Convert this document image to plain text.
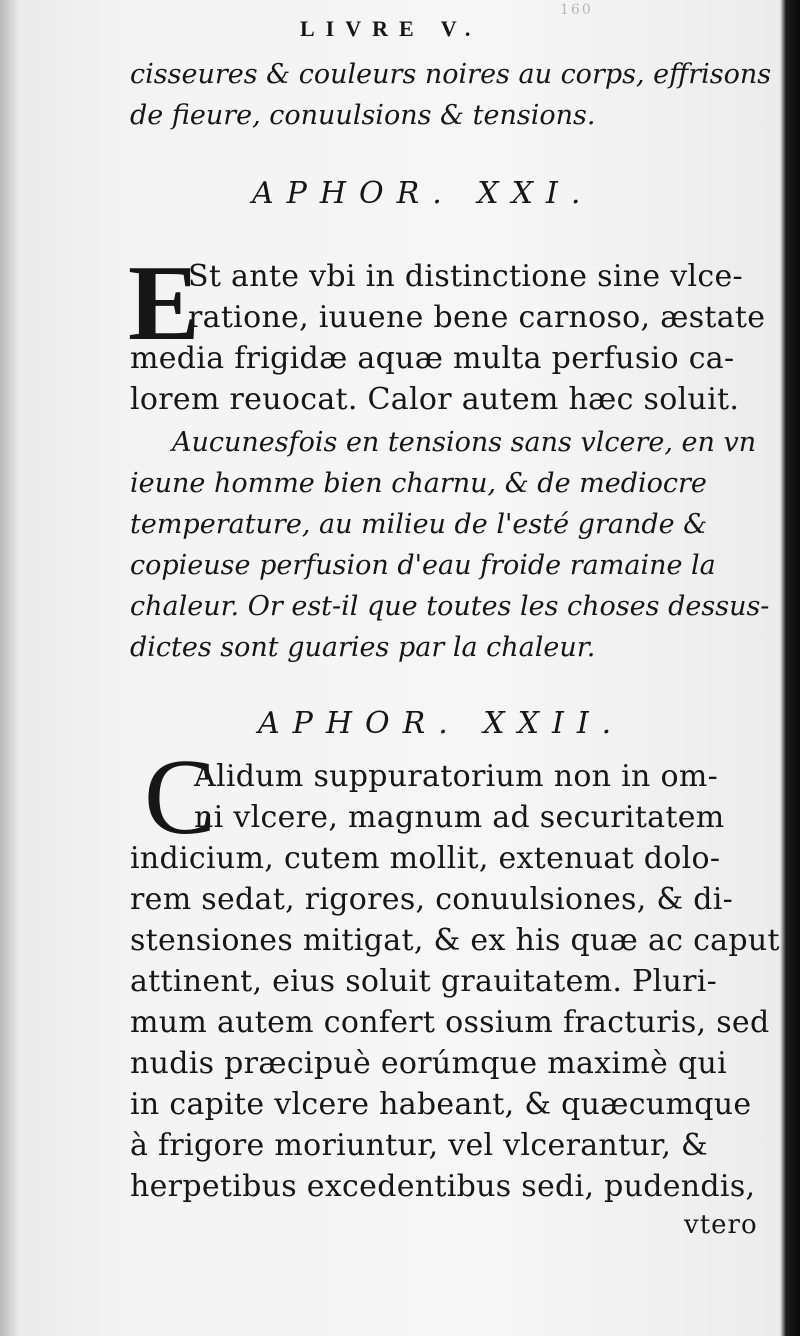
160
LIVRE V.
cisseures & couleurs noires au corps, effrisons
de fieure, conuulsions & tensions.
APHOR. XXI.
E
St ante vbi in distinctione sine vlce-
ratione, iuuene bene carnoso, æstate
media frigidæ aquæ multa perfusio ca-
lorem reuocat. Calor autem hæc soluit.
Aucunesfois en tensions sans vlcere, en vn
ieune homme bien charnu, & de mediocre
temperature, au milieu de l'esté grande &
copieuse perfusion d'eau froide ramaine la
chaleur. Or est-il que toutes les choses dessus-
dictes sont guaries par la chaleur.
APHOR. XXII.
C
Alidum suppuratorium non in om-
ni vlcere, magnum ad securitatem
indicium, cutem mollit, extenuat dolo-
rem sedat, rigores, conuulsiones, & di-
stensiones mitigat, & ex his quæ ac caput
attinent, eius soluit grauitatem. Pluri-
mum autem confert ossium fracturis, sed
nudis præcipuè eorúmque maximè qui
in capite vlcere habeant, & quæcumque
à frigore moriuntur, vel vlcerantur, &
herpetibus excedentibus sedi, pudendis,
vtero
